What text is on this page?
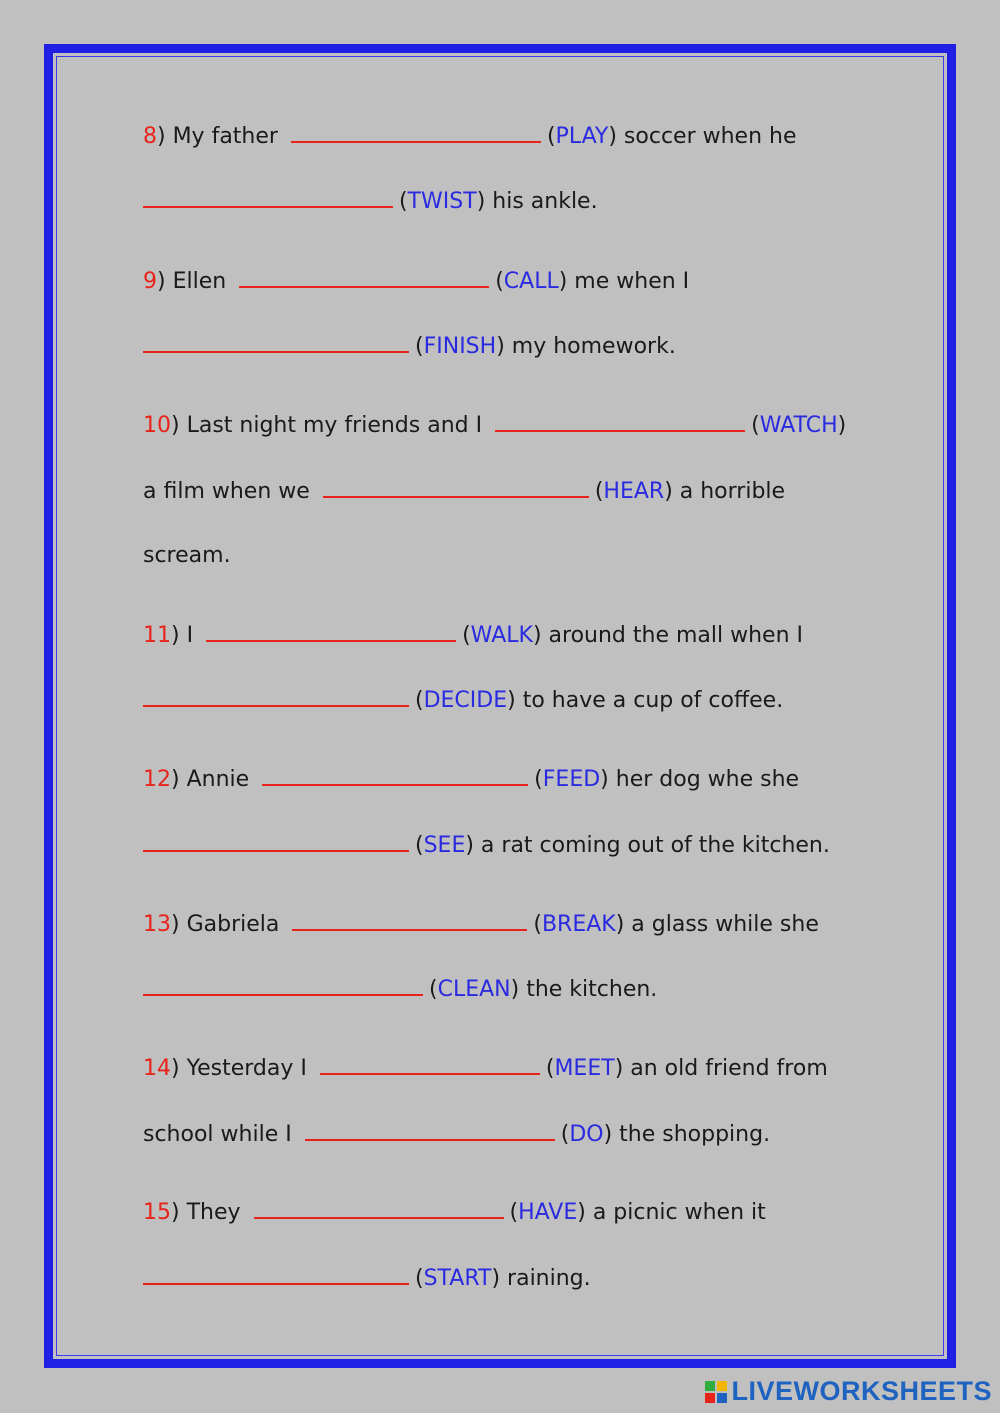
8) My father	(PLAY) soccer when he
(TWIST) his ankle.
9) Ellen	(CALL) me when I
(FINISH) my homework.
10) Last night my friends and I	(WATCH)
a film when we	(HEAR) a horrible
scream.
11) I	(WALK) around the mall when I
(DECIDE) to have a cup of coffee.
12) Annie	(FEED) her dog whe she
(SEE) a rat coming out of the kitchen.
13) Gabriela	(BREAK) a glass while she
(CLEAN) the kitchen.
14) Yesterday I	(MEET) an old friend from
school while I	(DO) the shopping.
15) They	(HAVE) a picnic when it
(START) raining.
LIVEWORKSHEETS
